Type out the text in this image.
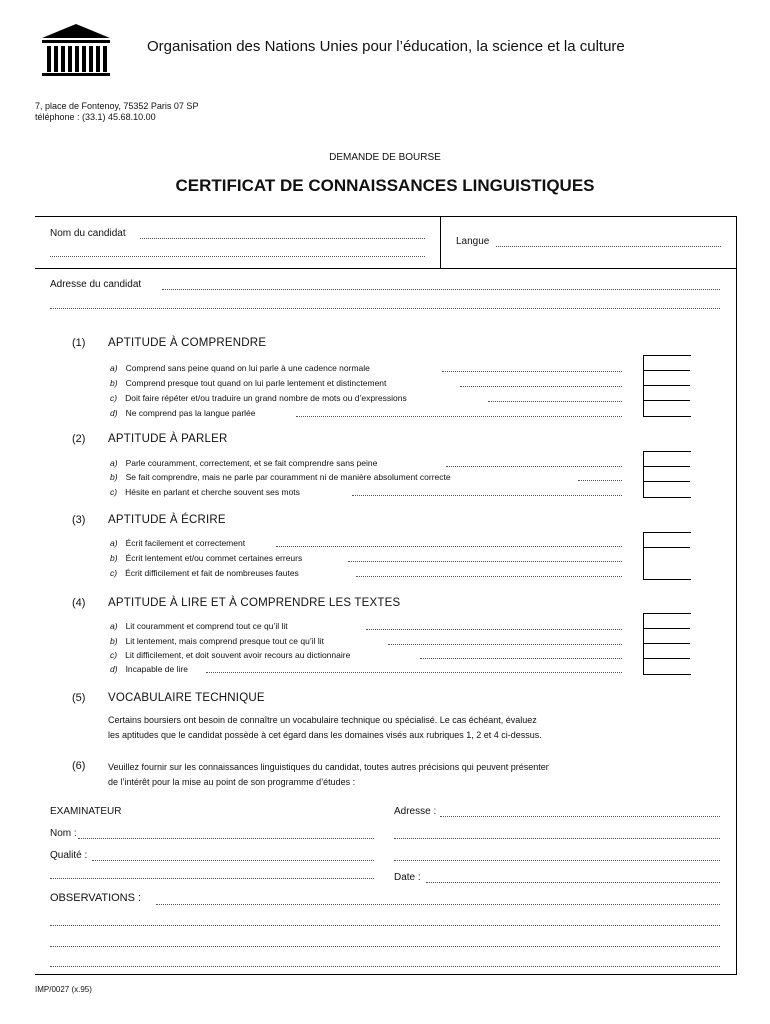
Organisation des Nations Unies pour l’éducation, la science et la culture
7, place de Fontenoy, 75352 Paris 07 SP
téléphone : (33.1) 45.68.10.00
DEMANDE DE BOURSE
CERTIFICAT DE CONNAISSANCES LINGUISTIQUES
Nom du candidat
Langue
Adresse du candidat
(1) APTITUDE À COMPRENDRE
a) Comprend sans peine quand on lui parle à une cadence normale
b) Comprend presque tout quand on lui parle lentement et distinctement
c) Doit faire répéter et/ou traduire un grand nombre de mots ou d’expressions
d) Ne comprend pas la langue parlée
(2) APTITUDE À PARLER
a) Parle couramment, correctement, et se fait comprendre sans peine
b) Se fait comprendre, mais ne parle par couramment ni de manière absolument correcte
c) Hésite en parlant et cherche souvent ses mots
(3) APTITUDE À ÉCRIRE
a) Écrit facilement et correctement
b) Écrit lentement et/ou commet certaines erreurs
c) Écrit difficilement et fait de nombreuses fautes
(4) APTITUDE À LIRE ET À COMPRENDRE LES TEXTES
a) Lit couramment et comprend tout ce qu’il lit
b) Lit lentement, mais comprend presque tout ce qu’il lit
c) Lit difficilement, et doit souvent avoir recours au dictionnaire
d) Incapable de lire
(5) VOCABULAIRE TECHNIQUE
Certains boursiers ont besoin de connaître un vocabulaire technique ou spécialisé. Le cas échéant, évaluez
les aptitudes que le candidat possède à cet égard dans les domaines visés aux rubriques 1, 2 et 4 ci-dessus.
(6)	Veuillez fournir sur les connaissances linguistiques du candidat, toutes autres précisions qui peuvent présenter
de l’intérêt pour la mise au point de son programme d’études :
EXAMINATEUR
Nom :
Qualité :
Adresse :
Date :
OBSERVATIONS :
IMP/0027 (x.95)
